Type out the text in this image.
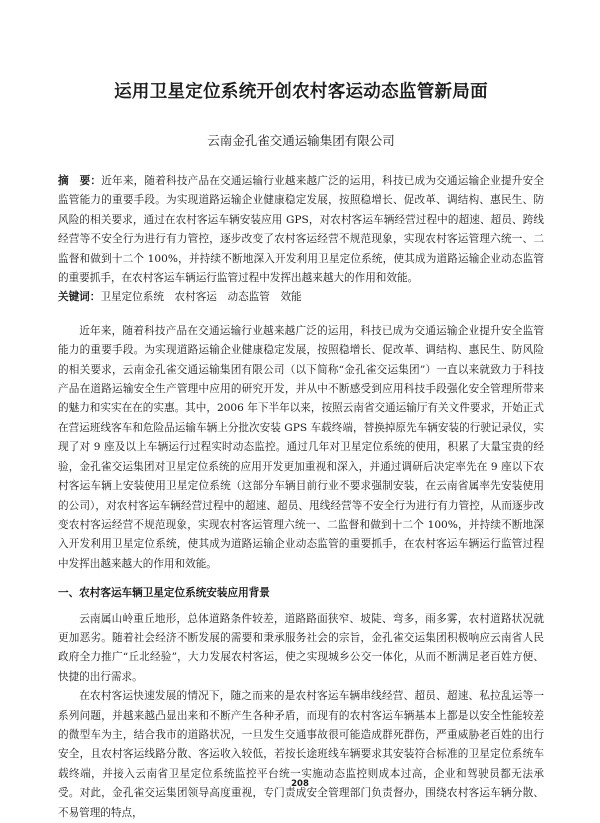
运用卫星定位系统开创农村客运动态监管新局面
云南金孔雀交通运输集团有限公司
摘　要：近年来，随着科技产品在交通运输行业越来越广泛的运用，科技已成为交通运输企业提升安全监管能力的重要手段。为实现道路运输企业健康稳定发展，按照稳增长、促改革、调结构、惠民生、防风险的相关要求，通过在农村客运车辆安装应用 GPS，对农村客运车辆经营过程中的超速、超员、跨线经营等不安全行为进行有力管控，逐步改变了农村客运经营不规范现象，实现农村客运管理六统一、二监督和做到十二个 100%，并持续不断地深入开发利用卫星定位系统，使其成为道路运输企业动态监管的重要抓手，在农村客运车辆运行监管过程中发挥出越来越大的作用和效能。
关键词：卫星定位系统　农村客运　动态监管　效能

近年来，随着科技产品在交通运输行业越来越广泛的运用，科技已成为交通运输企业提升安全监管能力的重要手段。为实现道路运输企业健康稳定发展，按照稳增长、促改革、调结构、惠民生、防风险的相关要求，云南金孔雀交通运输集团有限公司（以下简称“金孔雀交运集团”）一直以来就致力于科技产品在道路运输安全生产管理中应用的研究开发，并从中不断感受到应用科技手段强化安全管理所带来的魅力和实实在在的实惠。其中，2006 年下半年以来，按照云南省交通运输厅有关文件要求，开始正式在营运班线客车和危险品运输车辆上分批次安装 GPS 车载终端，替换掉原先车辆安装的行驶记录仪，实现了对 9 座及以上车辆运行过程实时动态监控。通过几年对卫星定位系统的使用，积累了大量宝贵的经验，金孔雀交运集团对卫星定位系统的应用开发更加重视和深入，并通过调研后决定率先在 9 座以下农村客运车辆上安装使用卫星定位系统（这部分车辆目前行业不要求强制安装，在云南省属率先安装使用的公司），对农村客运车辆经营过程中的超速、超员、甩线经营等不安全行为进行有力管控，从而逐步改变农村客运经营不规范现象，实现农村客运管理六统一、二监督和做到十二个 100%，并持续不断地深入开发利用卫星定位系统，使其成为道路运输企业动态监管的重要抓手，在农村客运车辆运行监管过程中发挥出越来越大的作用和效能。

一、农村客运车辆卫星定位系统安装应用背景

云南属山岭重丘地形，总体道路条件较差，道路路面狭窄、坡陡、弯多，雨多雾，农村道路状况就更加恶劣。随着社会经济不断发展的需要和秉承服务社会的宗旨，金孔雀交运集团积极响应云南省人民政府全力推广“丘北经验”，大力发展农村客运，使之实现城乡公交一体化，从而不断满足老百姓方便、快捷的出行需求。

在农村客运快速发展的情况下，随之而来的是农村客运车辆串线经营、超员、超速、私拉乱运等一系列问题，并越来越凸显出来和不断产生各种矛盾，而现有的农村客运车辆基本上都是以安全性能较差的微型车为主，结合我市的道路状况，一旦发生交通事故很可能造成群死群伤，严重威胁老百姓的出行安全，且农村客运线路分散、客运收入较低，若按长途班线车辆要求其安装符合标准的卫星定位系统车载终端，并接入云南省卫星定位系统监控平台统一实施动态监控则成本过高，企业和驾驶员都无法承受。对此，金孔雀交运集团领导高度重视，专门责成安全管理部门负责督办，围绕农村客运车辆分散、不易管理的特点，

208
